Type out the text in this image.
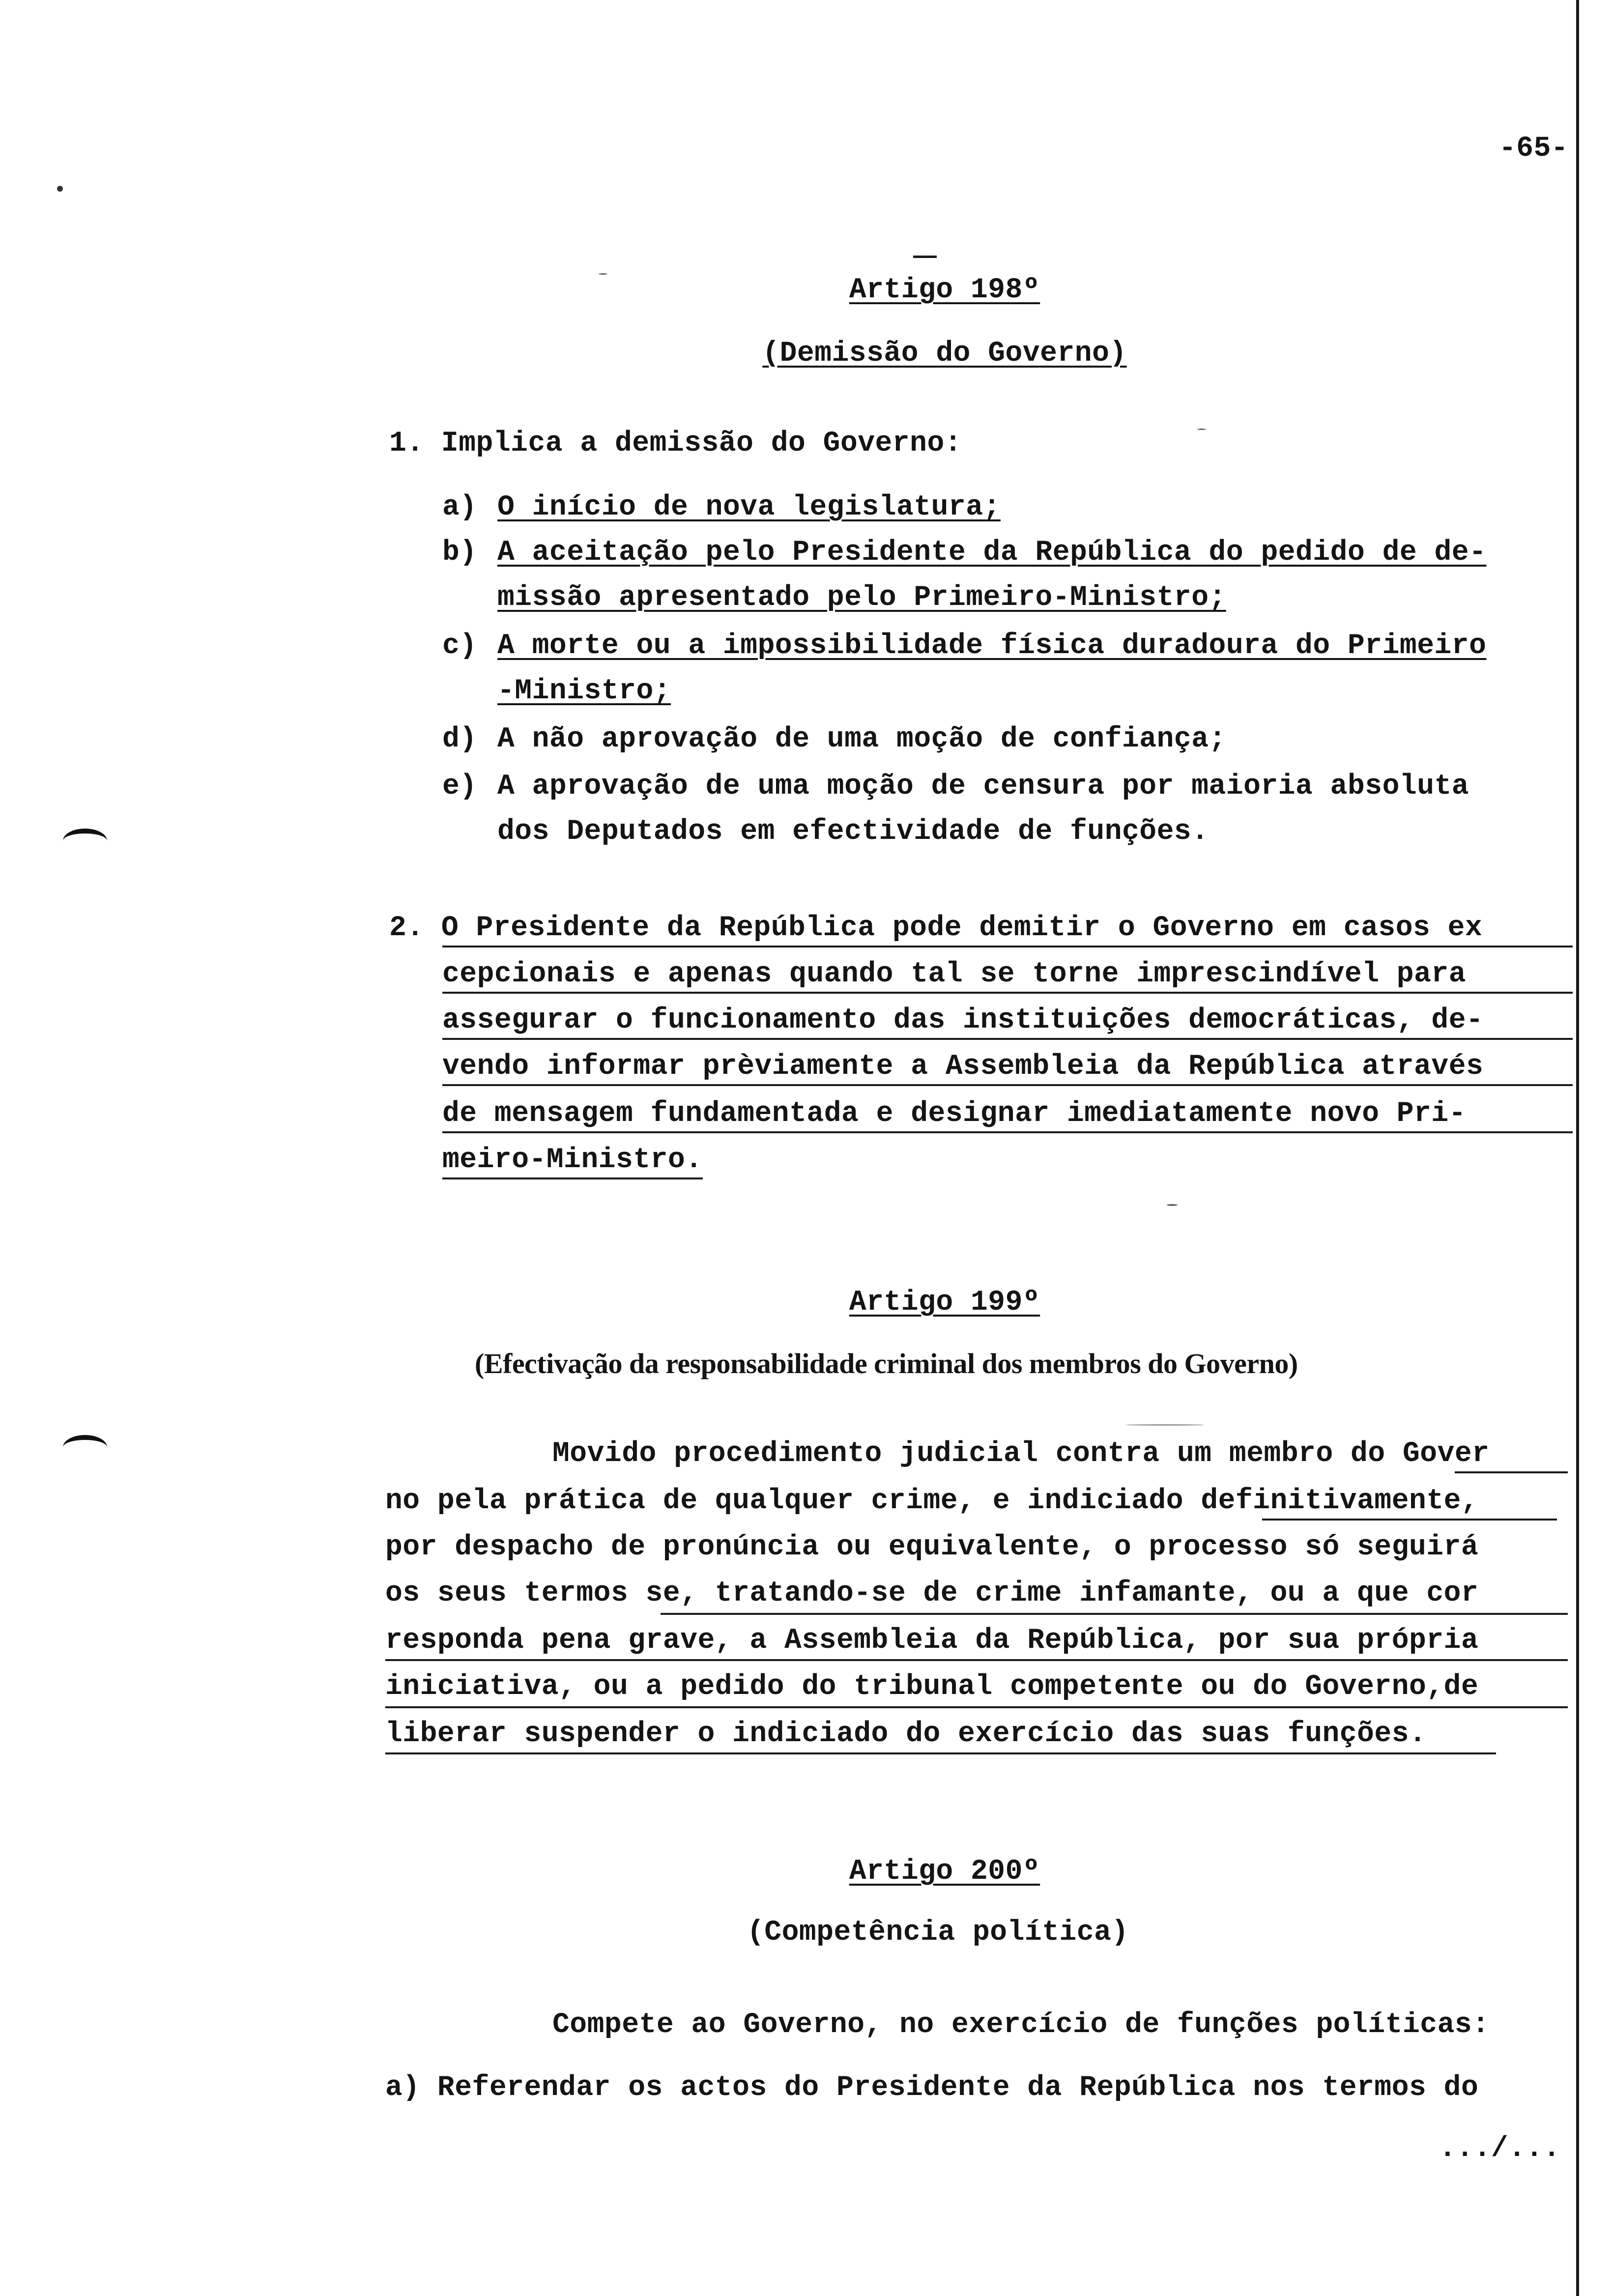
-65-
Artigo 198º
(Demissão do Governo)
1. Implica a demissão do Governo:
a) O início de nova legislatura;
b) A aceitação pelo Presidente da República do pedido de de-
missão apresentado pelo Primeiro-Ministro;
c) A morte ou a impossibilidade física duradoura do Primeiro
-Ministro;
d) A não aprovação de uma moção de confiança;
e) A aprovação de uma moção de censura por maioria absoluta
dos Deputados em efectividade de funções.
2. O Presidente da República pode demitir o Governo em casos ex
cepcionais e apenas quando tal se torne imprescindível para
assegurar o funcionamento das instituições democráticas, de-
vendo informar prèviamente a Assembleia da República através
de mensagem fundamentada e designar imediatamente novo Pri-
meiro-Ministro.
Artigo 199º
(Efectivação da responsabilidade criminal dos membros do Governo)
Movido procedimento judicial contra um membro do Gover
no pela prática de qualquer crime, e indiciado definitivamente,
por despacho de pronúncia ou equivalente, o processo só seguirá
os seus termos se, tratando-se de crime infamante, ou a que cor
responda pena grave, a Assembleia da República, por sua própria
iniciativa, ou a pedido do tribunal competente ou do Governo,de
liberar suspender o indiciado do exercício das suas funções.
Artigo 200º
(Competência política)
Compete ao Governo, no exercício de funções políticas:
a) Referendar os actos do Presidente da República nos termos do
.../...
